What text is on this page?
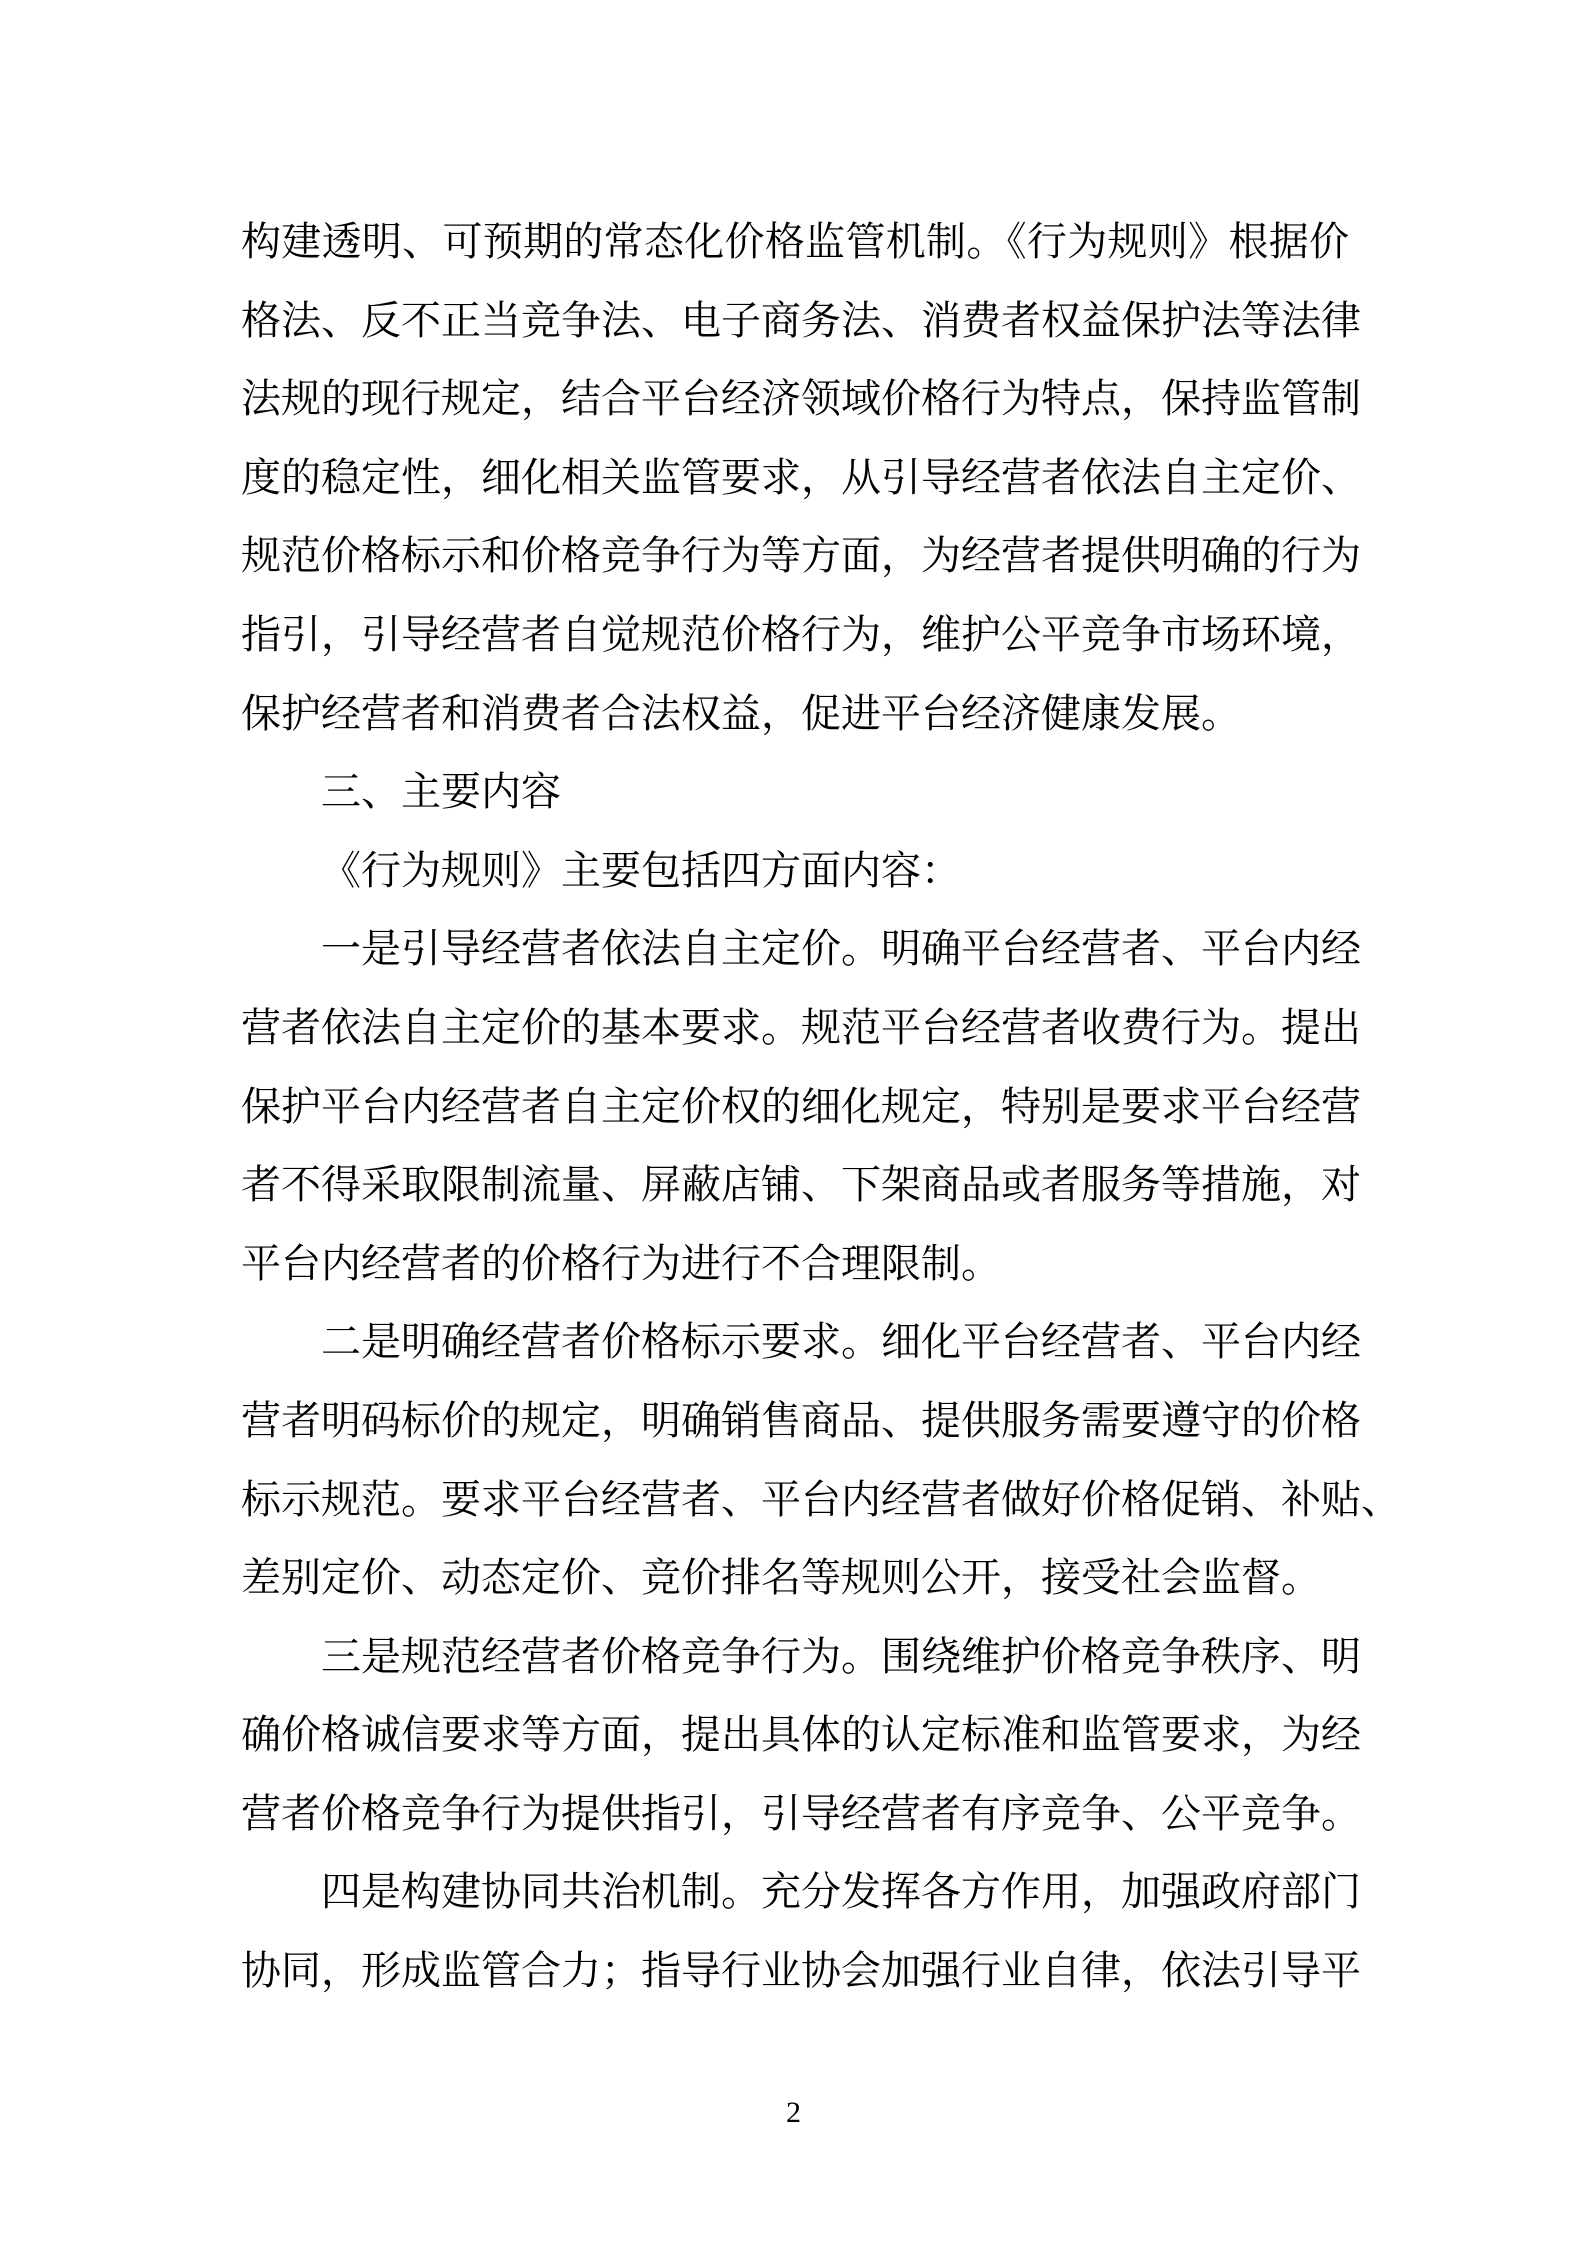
构建透明、可预期的常态化价格监管机制。《行为规则》根据价
格法、反不正当竞争法、电子商务法、消费者权益保护法等法律
法规的现行规定，结合平台经济领域价格行为特点，保持监管制
度的稳定性，细化相关监管要求，从引导经营者依法自主定价、
规范价格标示和价格竞争行为等方面，为经营者提供明确的行为
指引，引导经营者自觉规范价格行为，维护公平竞争市场环境，
保护经营者和消费者合法权益，促进平台经济健康发展。
三、主要内容
《行为规则》主要包括四方面内容：
一是引导经营者依法自主定价。明确平台经营者、平台内经
营者依法自主定价的基本要求。规范平台经营者收费行为。提出
保护平台内经营者自主定价权的细化规定，特别是要求平台经营
者不得采取限制流量、屏蔽店铺、下架商品或者服务等措施，对
平台内经营者的价格行为进行不合理限制。
二是明确经营者价格标示要求。细化平台经营者、平台内经
营者明码标价的规定，明确销售商品、提供服务需要遵守的价格
标示规范。要求平台经营者、平台内经营者做好价格促销、补贴、
差别定价、动态定价、竞价排名等规则公开，接受社会监督。
三是规范经营者价格竞争行为。围绕维护价格竞争秩序、明
确价格诚信要求等方面，提出具体的认定标准和监管要求，为经
营者价格竞争行为提供指引，引导经营者有序竞争、公平竞争。
四是构建协同共治机制。充分发挥各方作用，加强政府部门
协同，形成监管合力；指导行业协会加强行业自律，依法引导平
2
